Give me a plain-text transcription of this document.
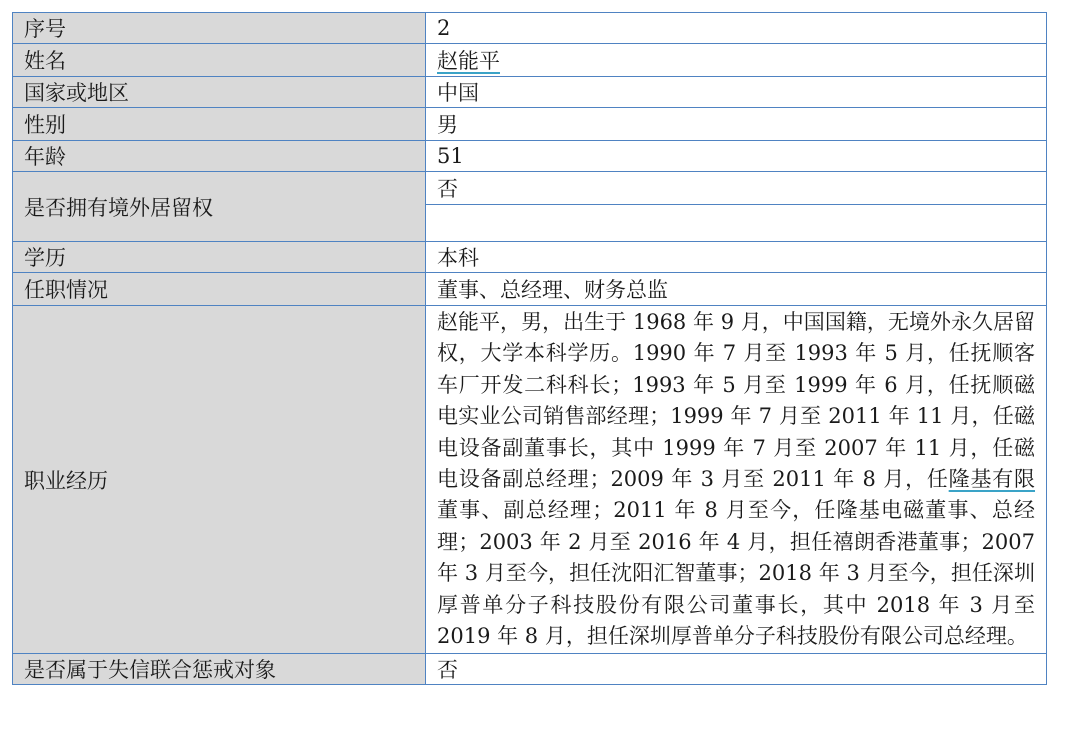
序号	2
姓名	赵能平
国家或地区	中国
性别	男
年龄	51
是否拥有境外居留权	否

学历	本科
任职情况	董事、总经理、财务总监
职业经历	赵能平，男，出生于 1968 年 9 月，中国国籍，无境外永久居留权，大学本科学历。1990 年 7 月至 1993 年 5 月，任抚顺客车厂开发二科科长；1993 年 5 月至 1999 年 6 月，任抚顺磁电实业公司销售部经理；1999 年 7 月至 2011 年 11 月，任磁电设备副董事长，其中 1999 年 7 月至 2007 年 11 月，任磁电设备副总经理；2009 年 3 月至 2011 年 8 月，任隆基有限董事、副总经理；2011 年 8 月至今，任隆基电磁董事、总经理；2003 年 2 月至 2016 年 4 月，担任禧朗香港董事；2007 年 3 月至今，担任沈阳汇智董事；2018 年 3 月至今，担任深圳厚普单分子科技股份有限公司董事长，其中 2018 年 3 月至 2019 年 8 月，担任深圳厚普单分子科技股份有限公司总经理。
是否属于失信联合惩戒对象	否
